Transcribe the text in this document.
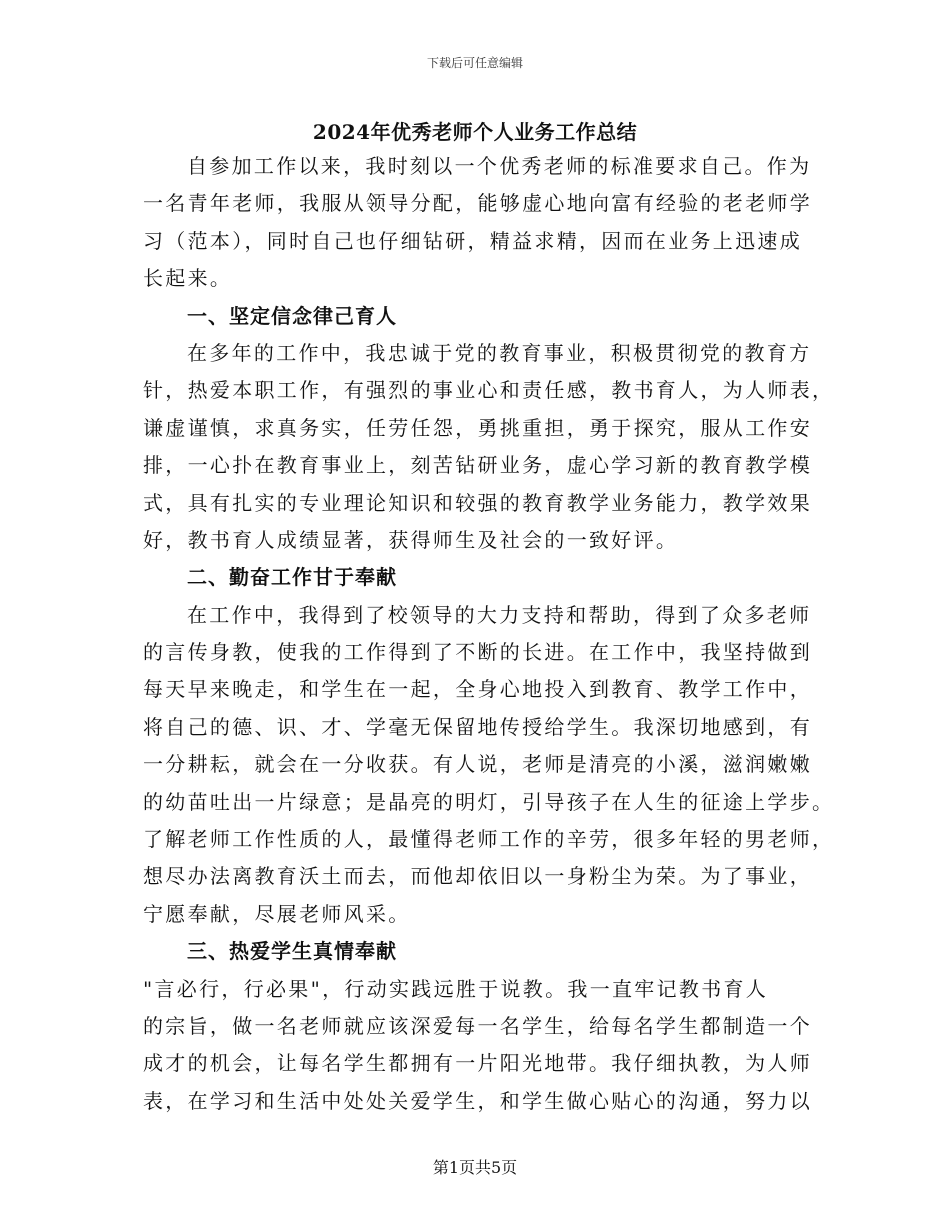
下载后可任意编辑
2024年优秀老师个人业务工作总结
自参加工作以来，我时刻以一个优秀老师的标准要求自己。作为
一名青年老师，我服从领导分配，能够虚心地向富有经验的老老师学
习（范本），同时自己也仔细钻研，精益求精，因而在业务上迅速成
长起来。
一、坚定信念律己育人
在多年的工作中，我忠诚于党的教育事业，积极贯彻党的教育方
针，热爱本职工作，有强烈的事业心和责任感，教书育人，为人师表，
谦虚谨慎，求真务实，任劳任怨，勇挑重担，勇于探究，服从工作安
排，一心扑在教育事业上，刻苦钻研业务，虚心学习新的教育教学模
式，具有扎实的专业理论知识和较强的教育教学业务能力，教学效果
好，教书育人成绩显著，获得师生及社会的一致好评。
二、勤奋工作甘于奉献
在工作中，我得到了校领导的大力支持和帮助，得到了众多老师
的言传身教，使我的工作得到了不断的长进。在工作中，我坚持做到
每天早来晚走，和学生在一起，全身心地投入到教育、教学工作中，
将自己的德、识、才、学毫无保留地传授给学生。我深切地感到，有
一分耕耘，就会在一分收获。有人说，老师是清亮的小溪，滋润嫩嫩
的幼苗吐出一片绿意；是晶亮的明灯，引导孩子在人生的征途上学步。
了解老师工作性质的人，最懂得老师工作的辛劳，很多年轻的男老师，
想尽办法离教育沃土而去，而他却依旧以一身粉尘为荣。为了事业，
宁愿奉献，尽展老师风采。
三、热爱学生真情奉献
"言必行，行必果"，行动实践远胜于说教。我一直牢记教书育人
的宗旨，做一名老师就应该深爱每一名学生，给每名学生都制造一个
成才的机会，让每名学生都拥有一片阳光地带。我仔细执教，为人师
表，在学习和生活中处处关爱学生，和学生做心贴心的沟通，努力以
第1页共5页
